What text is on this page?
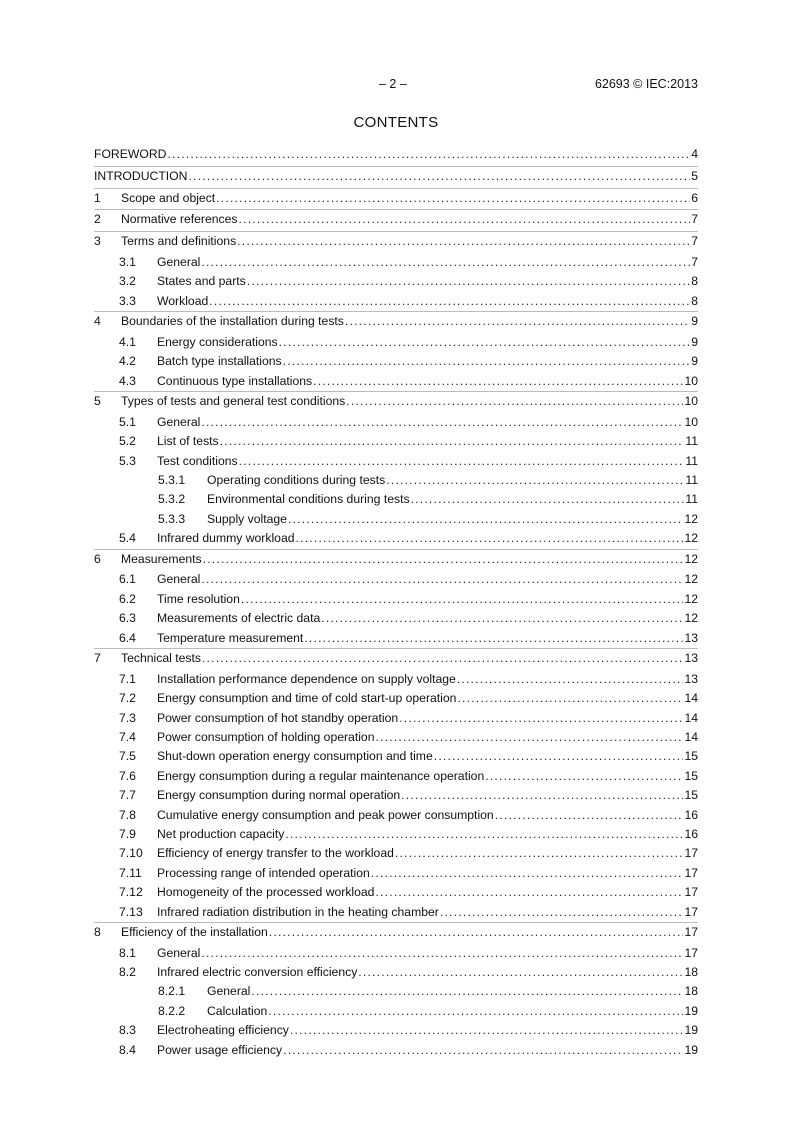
– 2 –	62693 © IEC:2013
CONTENTS
FOREWORD .....	4
INTRODUCTION .....	5
1	Scope and object .....	6
2	Normative references .....	7
3	Terms and definitions .....	7
3.1	General .....	7
3.2	States and parts .....	8
3.3	Workload .....	8
4	Boundaries of the installation during tests .....	9
4.1	Energy considerations .....	9
4.2	Batch type installations .....	9
4.3	Continuous type installations .....	10
5	Types of tests and general test conditions .....	10
5.1	General .....	10
5.2	List of tests .....	11
5.3	Test conditions .....	11
5.3.1	Operating conditions during tests .....	11
5.3.2	Environmental conditions during tests .....	11
5.3.3	Supply voltage .....	12
5.4	Infrared dummy workload .....	12
6	Measurements .....	12
6.1	General .....	12
6.2	Time resolution .....	12
6.3	Measurements of electric data .....	12
6.4	Temperature measurement .....	13
7	Technical tests .....	13
7.1	Installation performance dependence on supply voltage .....	13
7.2	Energy consumption and time of cold start-up operation .....	14
7.3	Power consumption of hot standby operation .....	14
7.4	Power consumption of holding operation .....	14
7.5	Shut-down operation energy consumption and time .....	15
7.6	Energy consumption during a regular maintenance operation .....	15
7.7	Energy consumption during normal operation .....	15
7.8	Cumulative energy consumption and peak power consumption .....	16
7.9	Net production capacity .....	16
7.10	Efficiency of energy transfer to the workload .....	17
7.11	Processing range of intended operation .....	17
7.12	Homogeneity of the processed workload .....	17
7.13	Infrared radiation distribution in the heating chamber .....	17
8	Efficiency of the installation .....	17
8.1	General .....	17
8.2	Infrared electric conversion efficiency .....	18
8.2.1	General .....	18
8.2.2	Calculation .....	19
8.3	Electroheating efficiency .....	19
8.4	Power usage efficiency .....	19
